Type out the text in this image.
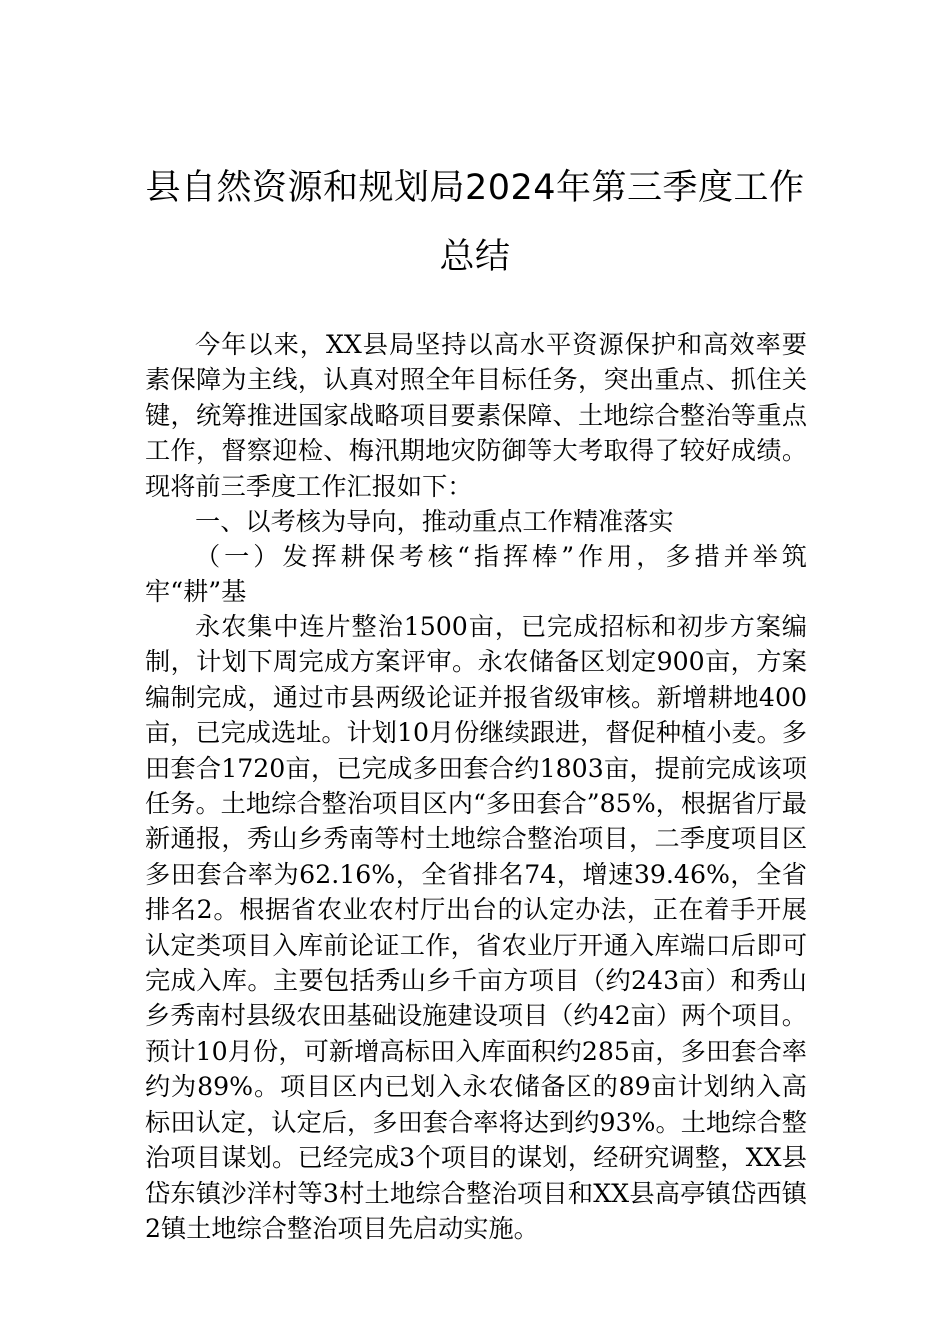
县自然资源和规划局2024年第三季度工作
总结
今年以来，XX县局坚持以高水平资源保护和高效率要素保障为主线，认真对照全年目标任务，突出重点、抓住关键，统筹推进国家战略项目要素保障、土地综合整治等重点工作，督察迎检、梅汛期地灾防御等大考取得了较好成绩。现将前三季度工作汇报如下：
一、以考核为导向，推动重点工作精准落实
（一）发挥耕保考核“指挥棒”作用，多措并举筑牢“耕”基
永农集中连片整治1500亩，已完成招标和初步方案编制，计划下周完成方案评审。永农储备区划定900亩，方案编制完成，通过市县两级论证并报省级审核。新增耕地400亩，已完成选址。计划10月份继续跟进，督促种植小麦。多田套合1720亩，已完成多田套合约1803亩，提前完成该项任务。土地综合整治项目区内“多田套合”85%，根据省厅最新通报，秀山乡秀南等村土地综合整治项目，二季度项目区多田套合率为62.16%，全省排名74，增速39.46%，全省排名2。根据省农业农村厅出台的认定办法，正在着手开展认定类项目入库前论证工作，省农业厅开通入库端口后即可完成入库。主要包括秀山乡千亩方项目（约243亩）和秀山乡秀南村县级农田基础设施建设项目（约42亩）两个项目。预计10月份，可新增高标田入库面积约285亩，多田套合率约为89%。项目区内已划入永农储备区的89亩计划纳入高标田认定，认定后，多田套合率将达到约93%。土地综合整治项目谋划。已经完成3个项目的谋划，经研究调整，XX县岱东镇沙洋村等3村土地综合整治项目和XX县高亭镇岱西镇2镇土地综合整治项目先启动实施。
